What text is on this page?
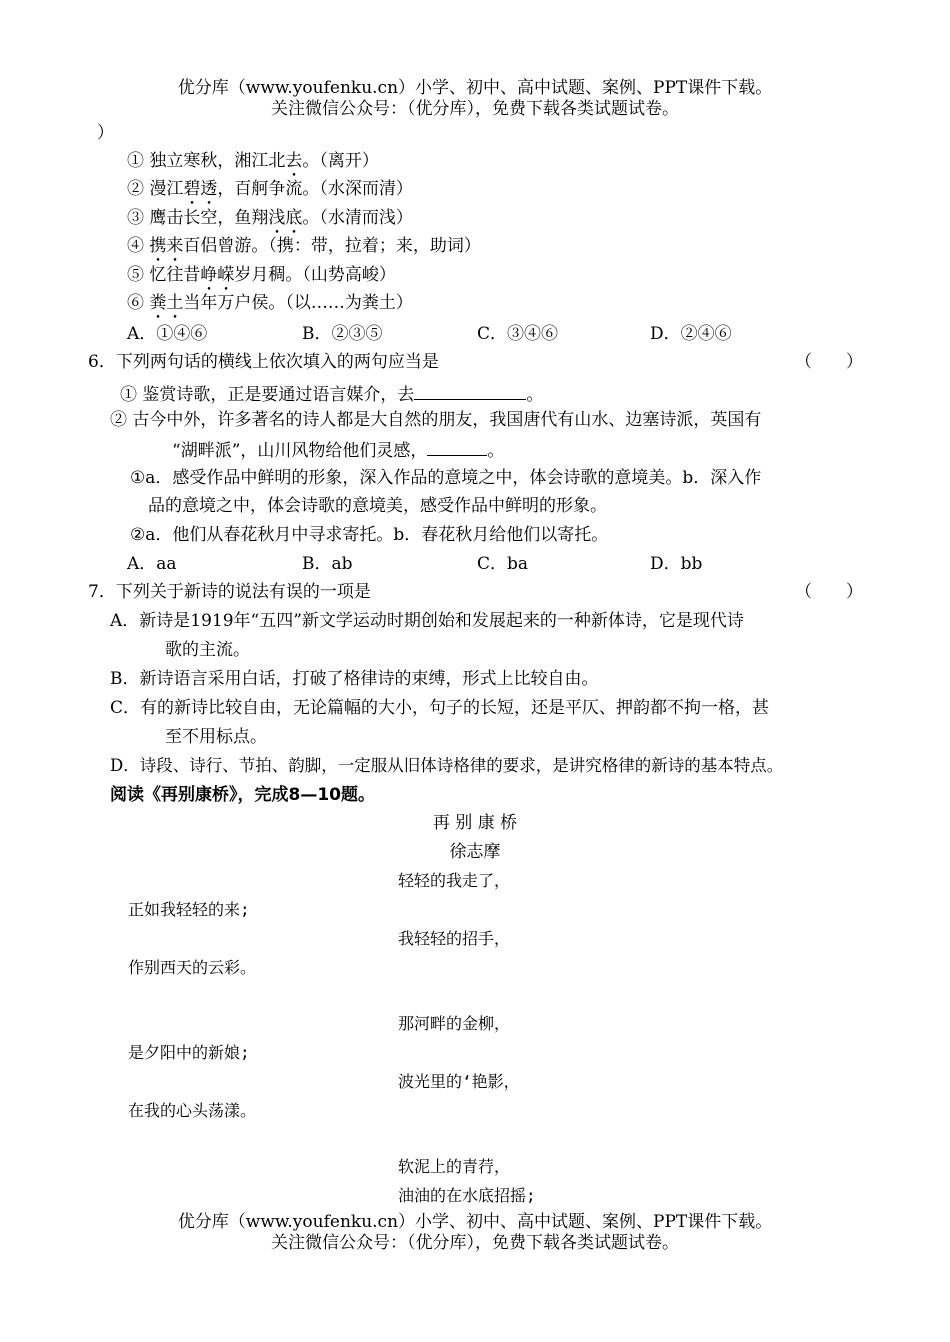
优分库（www.youfenku.cn）小学、初中、高中试题、案例、PPT课件下载。
关注微信公众号：（优分库），免费下载各类试题试卷。
）
① 独立寒秋，湘江北去。（离开）
② 漫江碧透，百舸争流。（水深而清）
③ 鹰击长空，鱼翔浅底。（水清而浅）
④ 携来百侣曾游。（携：带，拉着；来，助词）
⑤ 忆往昔峥嵘岁月稠。（山势高峻）
⑥ 粪土当年万户侯。（以……为粪土）
A．①④⑥	B．②③⑤	C．③④⑥	D．②④⑥
6．下列两句话的横线上依次填入的两句应当是	（　　）
① 鉴赏诗歌，正是要通过语言媒介，去	。
② 古今中外，许多著名的诗人都是大自然的朋友，我国唐代有山水、边塞诗派，英国有
“湖畔派”，山川风物给他们灵感，	。
①a．感受作品中鲜明的形象，深入作品的意境之中，体会诗歌的意境美。b．深入作
品的意境之中，体会诗歌的意境美，感受作品中鲜明的形象。
②a．他们从春花秋月中寻求寄托。b．春花秋月给他们以寄托。
A．aa	B．ab	C．ba	D．bb
7．下列关于新诗的说法有误的一项是	（　　）
A．新诗是1919年“五四”新文学运动时期创始和发展起来的一种新体诗，它是现代诗
歌的主流。
B．新诗语言采用白话，打破了格律诗的束缚，形式上比较自由。
C．有的新诗比较自由，无论篇幅的大小，句子的长短，还是平仄、押韵都不拘一格，甚
至不用标点。
D．诗段、诗行、节拍、韵脚，一定服从旧体诗格律的要求，是讲究格律的新诗的基本特点。
阅读《再别康桥》，完成8—10题。
再 别 康 桥
徐志摩
轻轻的我走了，
正如我轻轻的来;
我轻轻的招手，
作别西天的云彩。
那河畔的金柳，
是夕阳中的新娘;
波光里的‘艳影，
在我的心头荡漾。
软泥上的青荇，
油油的在水底招摇;
优分库（www.youfenku.cn）小学、初中、高中试题、案例、PPT课件下载。
关注微信公众号：（优分库），免费下载各类试题试卷。
